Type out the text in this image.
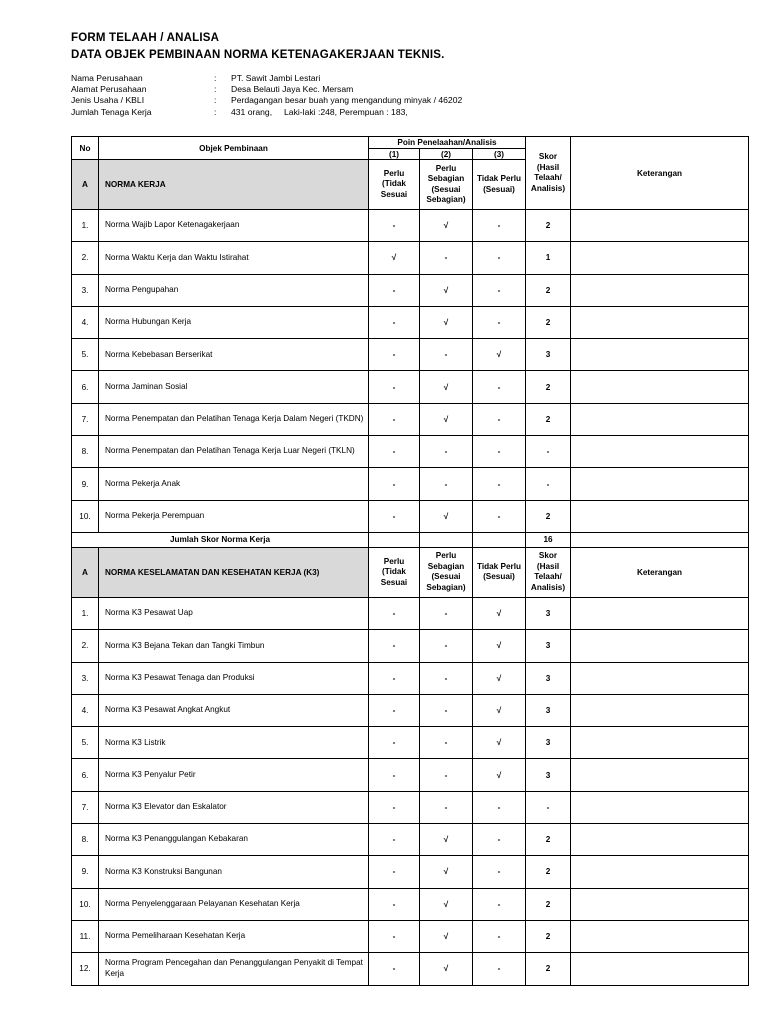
FORM TELAAH / ANALISA
DATA OBJEK PEMBINAAN NORMA KETENAGAKERJAAN TEKNIS.
Nama Perusahaan	:	PT. Sawit Jambi Lestari
Alamat Perusahaan	:	Desa Belauti Jaya Kec. Mersam
Jenis Usaha / KBLI	:	Perdagangan besar buah yang mengandung minyak / 46202
Jumlah Tenaga Kerja	:	431 orang,     Laki-laki :248, Perempuan : 183,
No	Objek Pembinaan	Poin Penelaahan/Analisis			Skor (Hasil Telaah/ Analisis)	Keterangan
		(1)	(2)	(3)		
A	NORMA KERJA	Perlu (Tidak Sesuai	Perlu Sebagian (Sesuai Sebagian)	Tidak Perlu (Sesuai)		
1.	Norma Wajib Lapor Ketenagakerjaan	-	√	-	2	
2.	Norma Waktu Kerja dan Waktu Istirahat	√	-	-	1	
3.	Norma Pengupahan	-	√	-	2	
4.	Norma Hubungan Kerja	-	√	-	2	
5.	Norma Kebebasan Berserikat	-	-	√	3	
6.	Norma Jaminan Sosial	-	√	-	2	
7.	Norma Penempatan dan Pelatihan Tenaga Kerja Dalam Negeri (TKDN)	-	√	-	2	
8.	Norma Penempatan dan Pelatihan Tenaga Kerja Luar Negeri (TKLN)	-	-	-	-	
9.	Norma Pekerja Anak	-	-	-	-	
10.	Norma Pekerja Perempuan	-	√	-	2	
Jumlah Skor Norma Kerja					16	
A	NORMA KESELAMATAN DAN KESEHATAN KERJA (K3)	Perlu (Tidak Sesuai	Perlu Sebagian (Sesuai Sebagian)	Tidak Perlu (Sesuai)	Skor (Hasil Telaah/ Analisis)	Keterangan
1.	Norma K3 Pesawat Uap	-	-	√	3	
2.	Norma K3 Bejana Tekan dan Tangki Timbun	-	-	√	3	
3.	Norma K3 Pesawat Tenaga dan Produksi	-	-	√	3	
4.	Norma K3 Pesawat Angkat Angkut	-	-	√	3	
5.	Norma K3 Listrik	-	-	√	3	
6.	Norma K3 Penyalur Petir	-	-	√	3	
7.	Norma K3 Elevator dan Eskalator	-	-	-	-	
8.	Norma K3 Penanggulangan Kebakaran	-	√	-	2	
9.	Norma K3 Konstruksi Bangunan	-	√	-	2	
10.	Norma Penyelenggaraan Pelayanan Kesehatan Kerja	-	√	-	2	
11.	Norma Pemeliharaan Kesehatan Kerja	-	√	-	2	
12.	Norma Program Pencegahan dan Penanggulangan Penyakit di Tempat Kerja	-	√	-	2	
